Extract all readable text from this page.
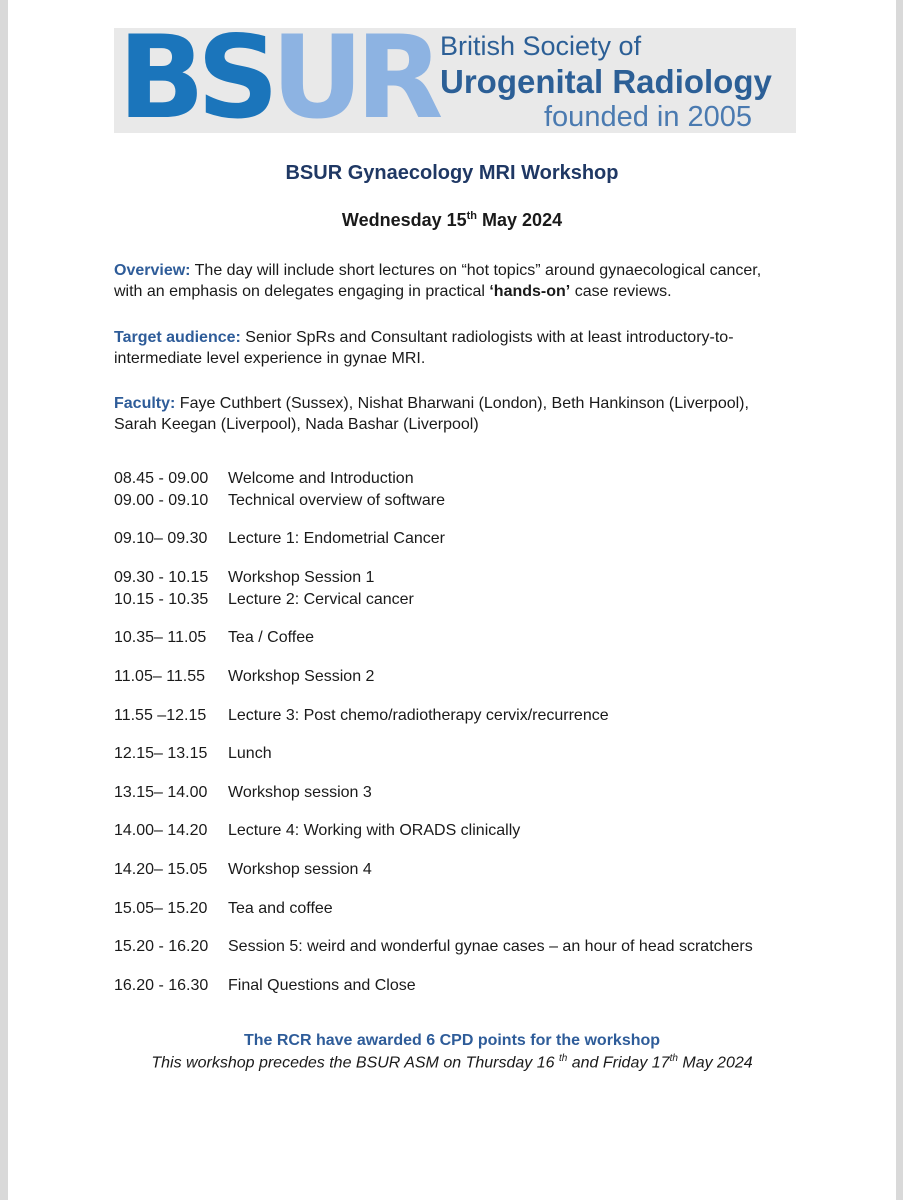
BSUR British Society of
Urogenital Radiology
founded in 2005
BSUR Gynaecology MRI Workshop
Wednesday 15th May 2024
Overview: The day will include short lectures on “hot topics” around gynaecological cancer, with an emphasis on delegates engaging in practical ‘hands-on’ case reviews.
Target audience: Senior SpRs and Consultant radiologists with at least introductory-to-intermediate level experience in gynae MRI.
Faculty: Faye Cuthbert (Sussex), Nishat Bharwani (London), Beth Hankinson (Liverpool), Sarah Keegan (Liverpool), Nada Bashar (Liverpool)
08.45 - 09.00 Welcome and Introduction
09.00 - 09.10 Technical overview of software
09.10– 09.30 Lecture 1: Endometrial Cancer
09.30 - 10.15 Workshop Session 1
10.15 - 10.35 Lecture 2: Cervical cancer
10.35– 11.05 Tea / Coffee
11.05– 11.55 Workshop Session 2
11.55 –12.15 Lecture 3: Post chemo/radiotherapy cervix/recurrence
12.15– 13.15 Lunch
13.15– 14.00 Workshop session 3
14.00– 14.20 Lecture 4: Working with ORADS clinically
14.20– 15.05 Workshop session 4
15.05– 15.20 Tea and coffee
15.20 - 16.20 Session 5: weird and wonderful gynae cases – an hour of head scratchers
16.20 - 16.30 Final Questions and Close
The RCR have awarded 6 CPD points for the workshop
This workshop precedes the BSUR ASM on Thursday 16 $^{th}$ and Friday 17th May 2024
